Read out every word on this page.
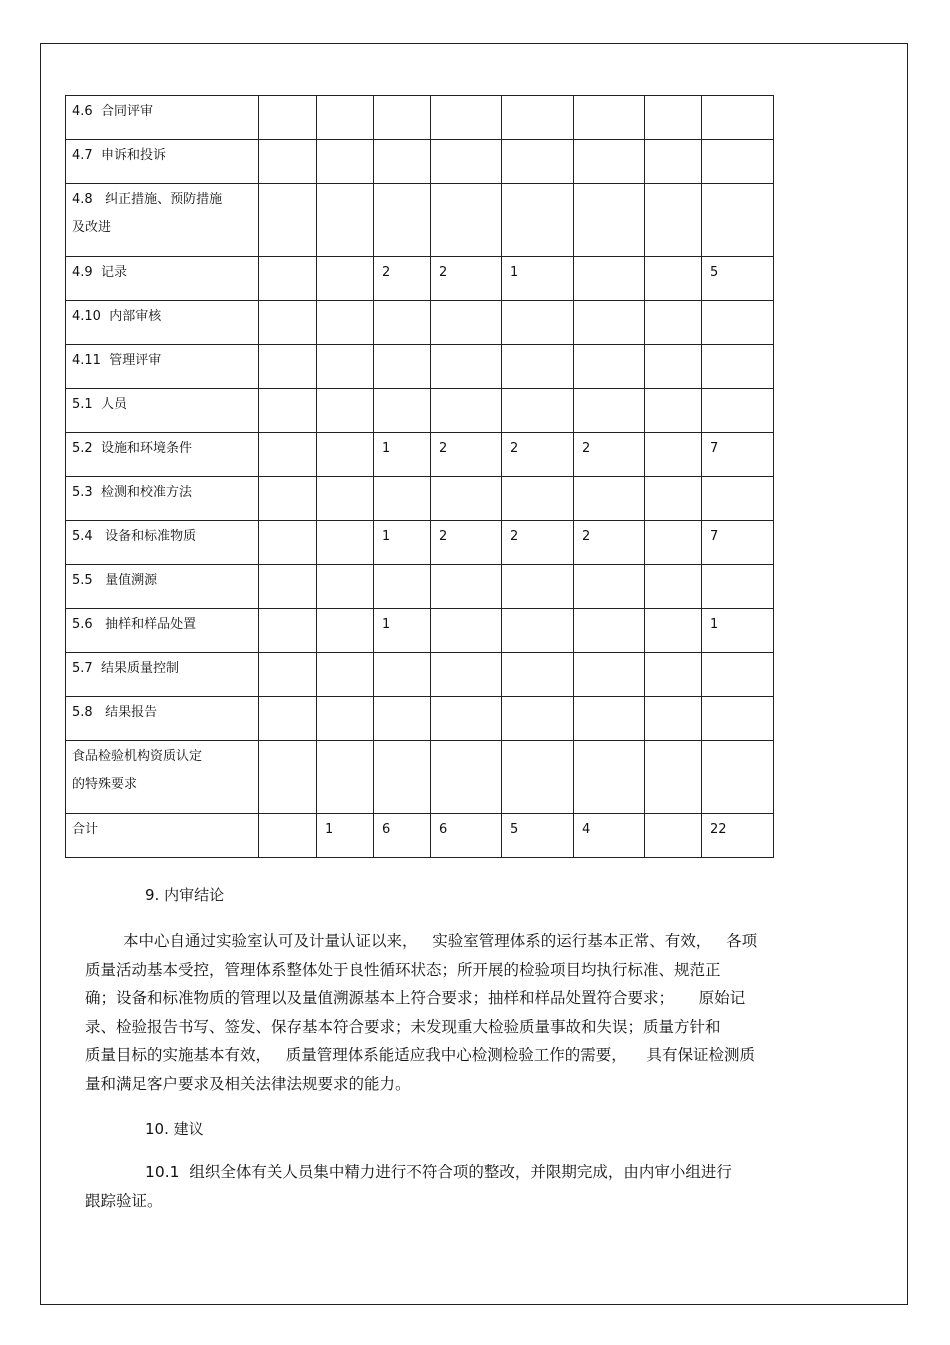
4.6  合同评审								

4.7  申诉和投诉								

4.8   纠正措施、预防措施
及改进								

4.9  记录			2	2	1			5

4.10  内部审核								

4.11  管理评审								

5.1  人员								

5.2  设施和环境条件			1	2	2	2		7

5.3  检测和校准方法								

5.4   设备和标准物质			1	2	2	2		7

5.5   量值溯源								

5.6   抽样和样品处置			1					1

5.7  结果质量控制								

5.8   结果报告								

食品检验机构资质认定
的特殊要求								

合计		1	6	6	5	4		22
9. 内审结论
本中心自通过实验室认可及计量认证以来，   实验室管理体系的运行基本正常、有效，   各项
质量活动基本受控，管理体系整体处于良性循环状态；所开展的检验项目均执行标准、规范正
确；设备和标准物质的管理以及量值溯源基本上符合要求；抽样和样品处置符合要求；     原始记
录、检验报告书写、签发、保存基本符合要求；未发现重大检验质量事故和失误；质量方针和
质量目标的实施基本有效，   质量管理体系能适应我中心检测检验工作的需要，    具有保证检测质
量和满足客户要求及相关法律法规要求的能力。
10. 建议
10.1  组织全体有关人员集中精力进行不符合项的整改，并限期完成，由内审小组进行
跟踪验证。
